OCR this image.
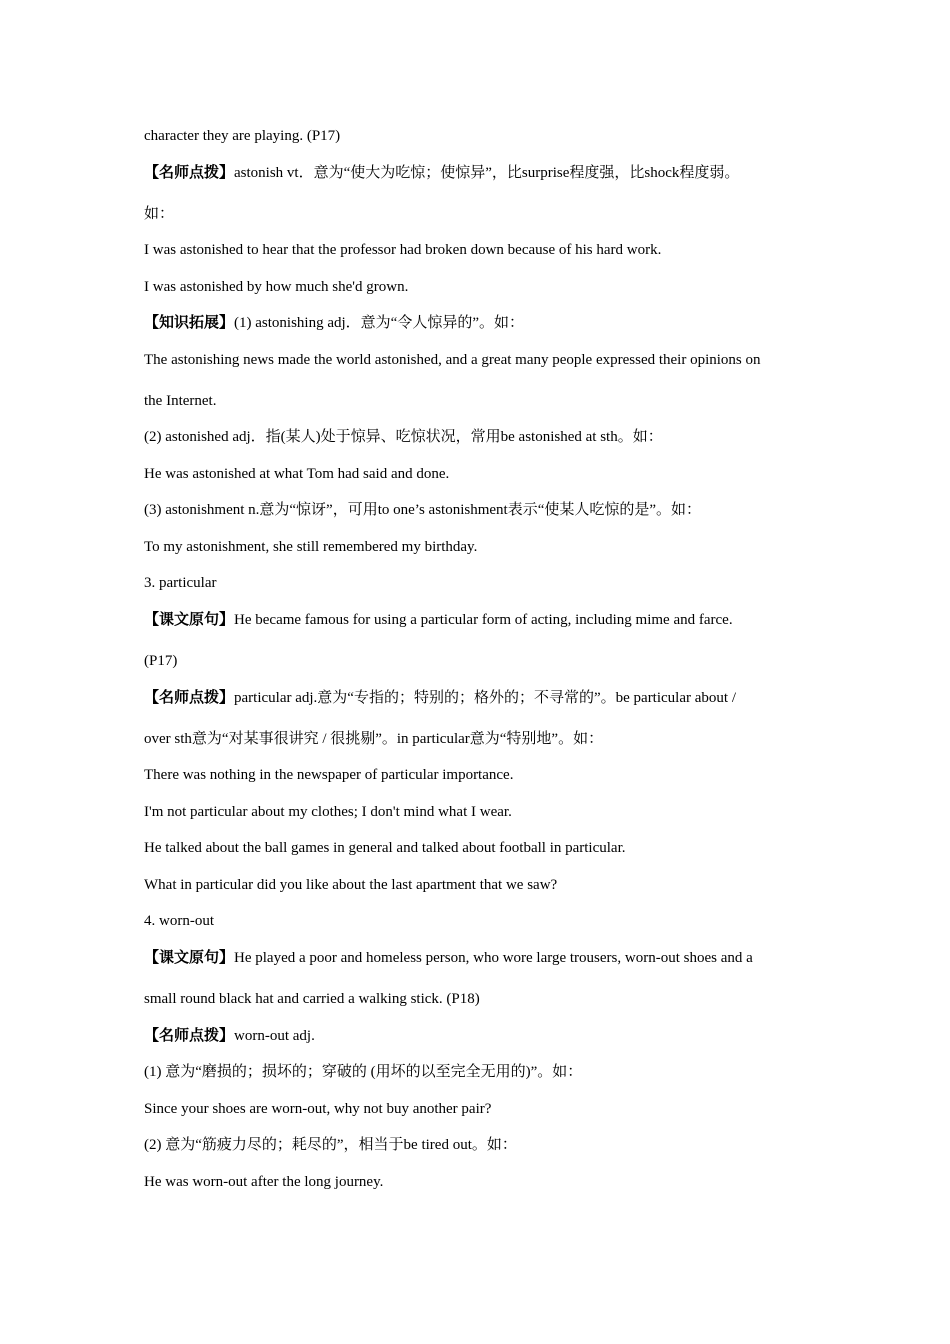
character they are playing. (P17)
【名师点拨】astonish vt．意为“使大为吃惊；使惊异”，比surprise程度强，比shock程度弱。
如：
I was astonished to hear that the professor had broken down because of his hard work.
I was astonished by how much she'd grown.
【知识拓展】(1) astonishing adj．意为“令人惊异的”。如：
The astonishing news made the world astonished, and a great many people expressed their opinions on
the Internet.
(2) astonished adj．指(某人)处于惊异、吃惊状况，常用be astonished at sth。如：
He was astonished at what Tom had said and done.
(3) astonishment n.意为“惊讶”，可用to one’s astonishment表示“使某人吃惊的是”。如：
To my astonishment, she still remembered my birthday.
3. particular
【课文原句】He became famous for using a particular form of acting, including mime and farce.
(P17)
【名师点拨】particular adj.意为“专指的；特别的；格外的；不寻常的”。be particular about /
over sth意为“对某事很讲究 / 很挑剔”。in particular意为“特别地”。如：
There was nothing in the newspaper of particular importance.
I'm not particular about my clothes; I don't mind what I wear.
He talked about the ball games in general and talked about football in particular.
What in particular did you like about the last apartment that we saw?
4. worn-out
【课文原句】He played a poor and homeless person, who wore large trousers, worn-out shoes and a
small round black hat and carried a walking stick. (P18)
【名师点拨】worn-out adj.
(1) 意为“磨损的；损坏的；穿破的 (用坏的以至完全无用的)”。如：
Since your shoes are worn-out, why not buy another pair?
(2) 意为“筋疲力尽的；耗尽的”，相当于be tired out。如：
He was worn-out after the long journey.
